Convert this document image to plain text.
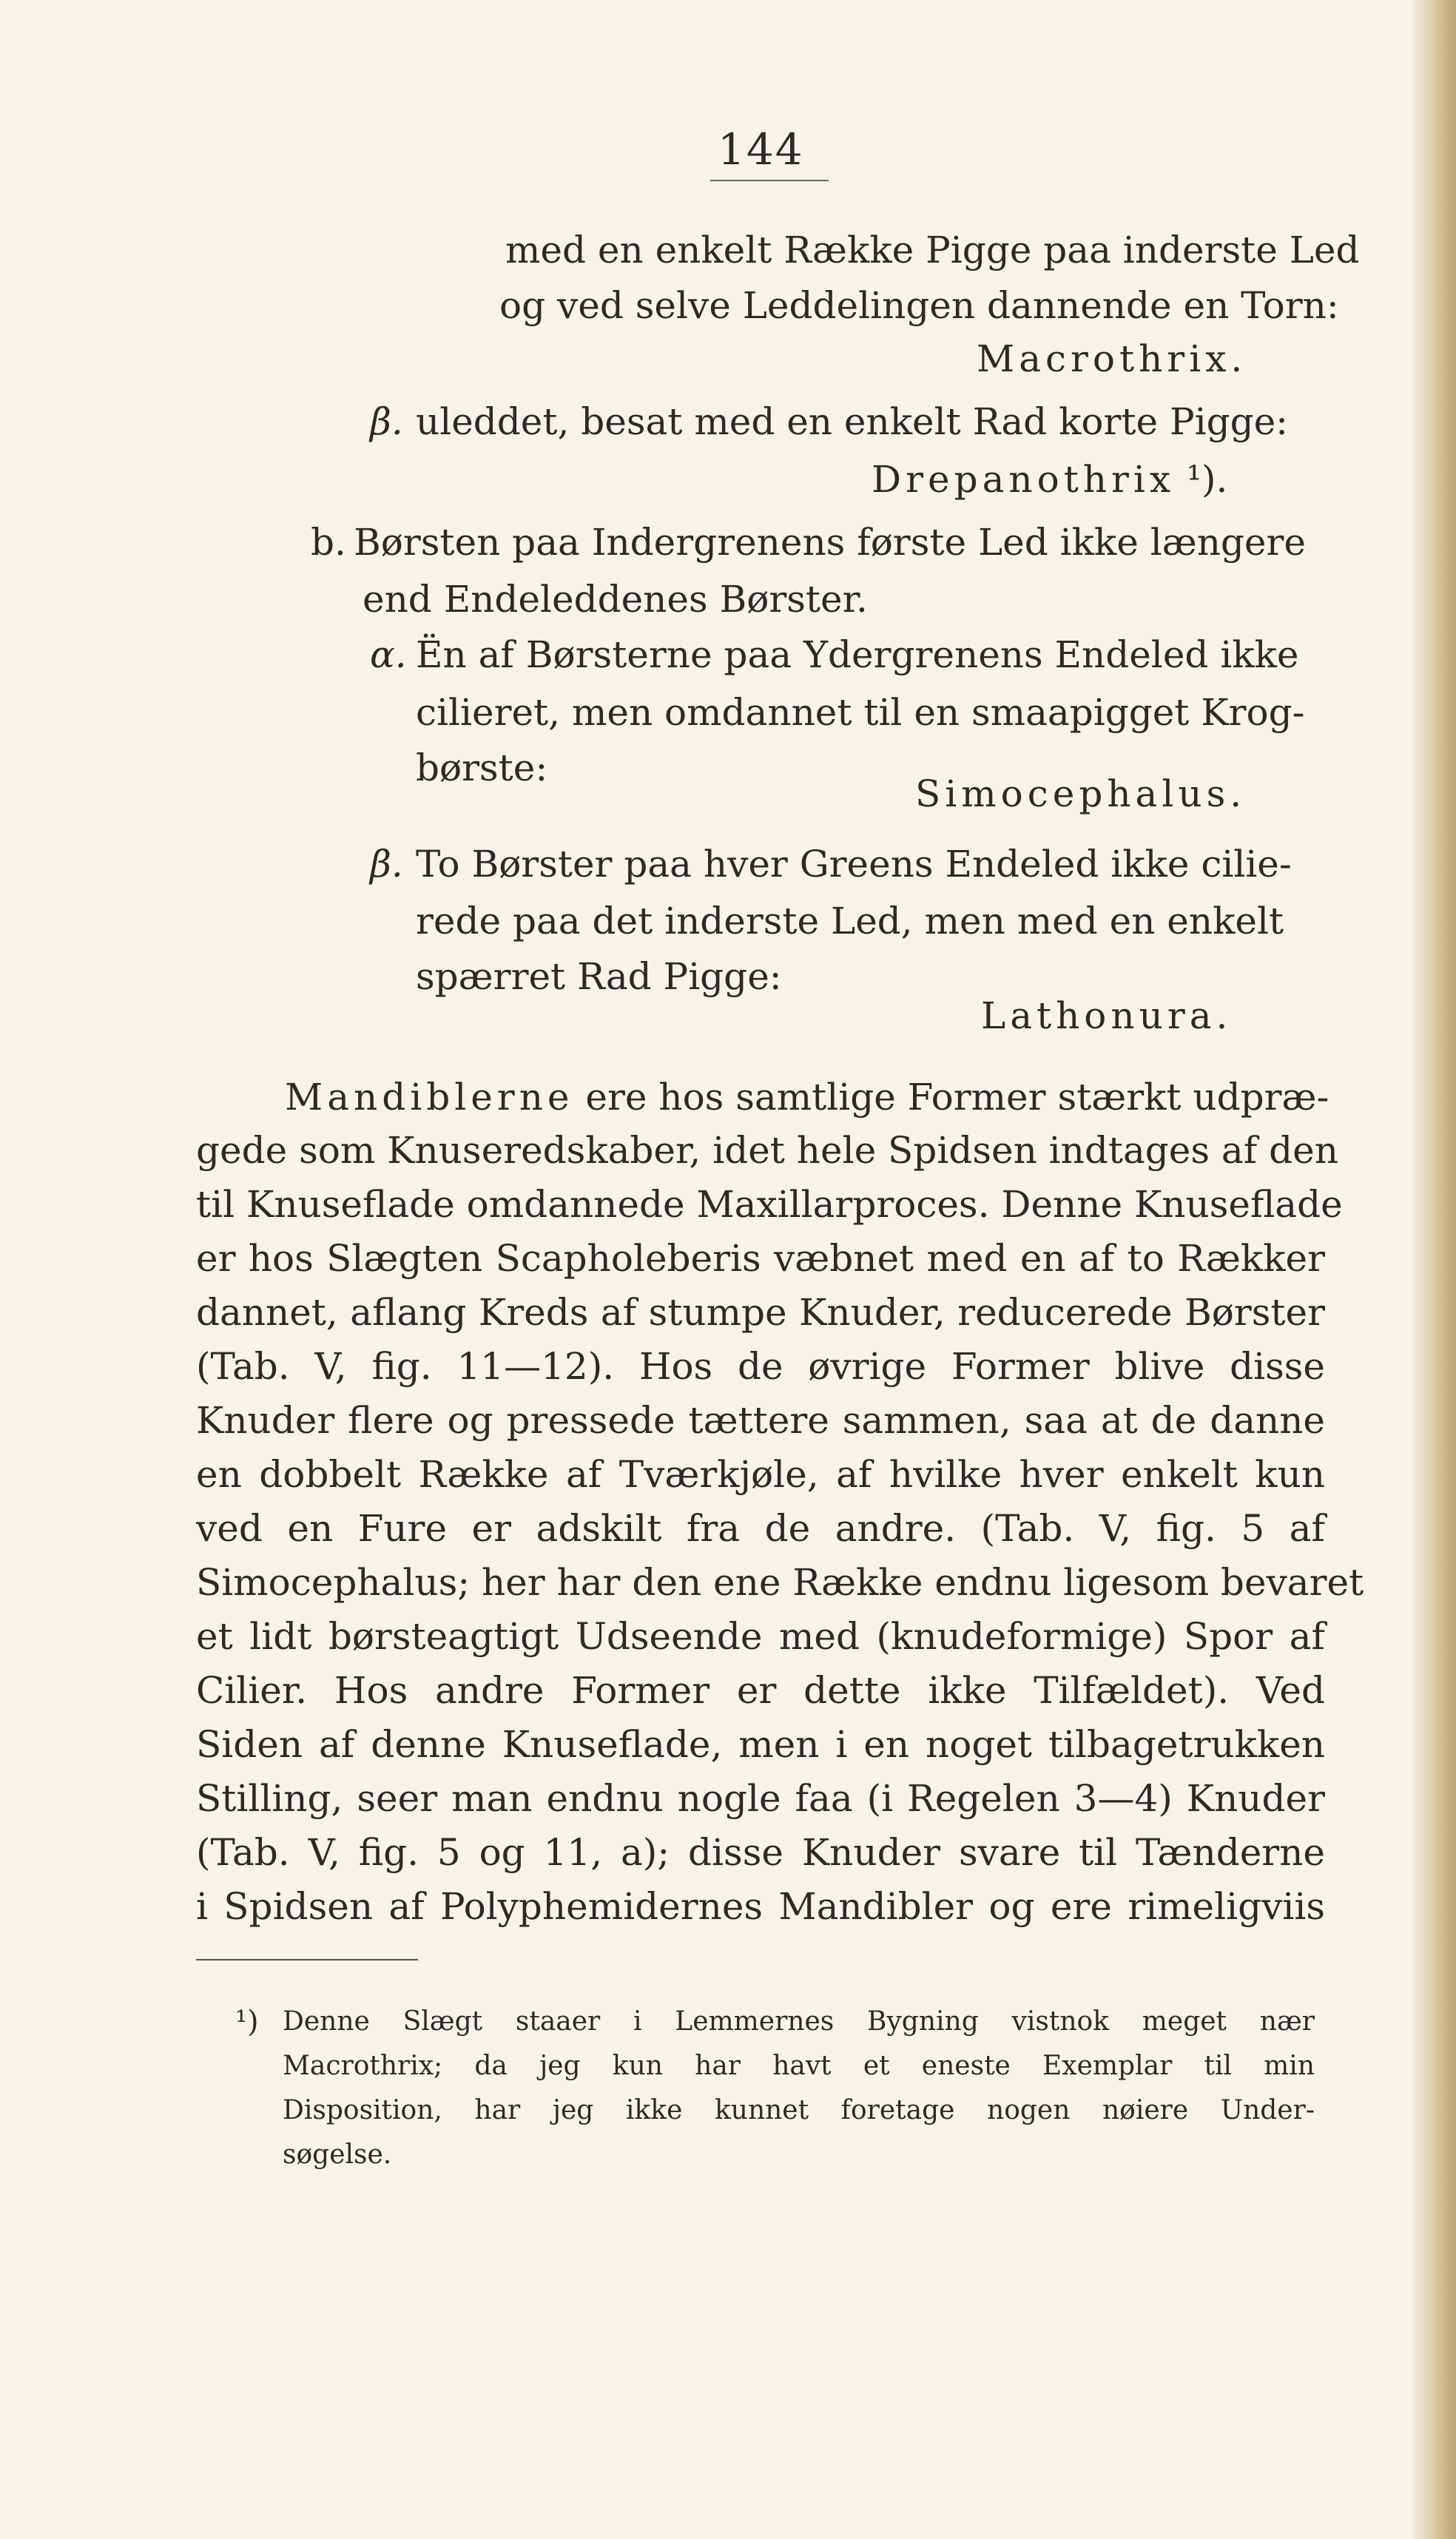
144
med en enkelt Række Pigge paa inderste Led
og ved selve Leddelingen dannende en Torn:
Macrothrix.
β. uleddet, besat med en enkelt Rad korte Pigge:
Drepanothrix ¹).
b. Børsten paa Indergrenens første Led ikke længere
end Endeleddenes Børster.
α. Ën af Børsterne paa Ydergrenens Endeled ikke
cilieret, men omdannet til en smaapigget Krog-
børste:
Simocephalus.
β. To Børster paa hver Greens Endeled ikke cilie-
rede paa det inderste Led, men med en enkelt
spærret Rad Pigge:
Lathonura.
Mandiblerne ere hos samtlige Former stærkt udpræ-
gede som Knuseredskaber, idet hele Spidsen indtages af den
til Knuseflade omdannede Maxillarproces. Denne Knuseflade
er hos Slægten Scapholeberis væbnet med en af to Rækker
dannet, aflang Kreds af stumpe Knuder, reducerede Børster
(Tab. V, fig. 11—12). Hos de øvrige Former blive disse
Knuder flere og pressede tættere sammen, saa at de danne
en dobbelt Række af Tværkjøle, af hvilke hver enkelt kun
ved en Fure er adskilt fra de andre. (Tab. V, fig. 5 af
Simocephalus; her har den ene Række endnu ligesom bevaret
et lidt børsteagtigt Udseende med (knudeformige) Spor af
Cilier. Hos andre Former er dette ikke Tilfældet). Ved
Siden af denne Knuseflade, men i en noget tilbagetrukken
Stilling, seer man endnu nogle faa (i Regelen 3—4) Knuder
(Tab. V, fig. 5 og 11, a); disse Knuder svare til Tænderne
i Spidsen af Polyphemidernes Mandibler og ere rimeligviis
¹) Denne Slægt staaer i Lemmernes Bygning vistnok meget nær
Macrothrix; da jeg kun har havt et eneste Exemplar til min
Disposition, har jeg ikke kunnet foretage nogen nøiere Under-
søgelse.
